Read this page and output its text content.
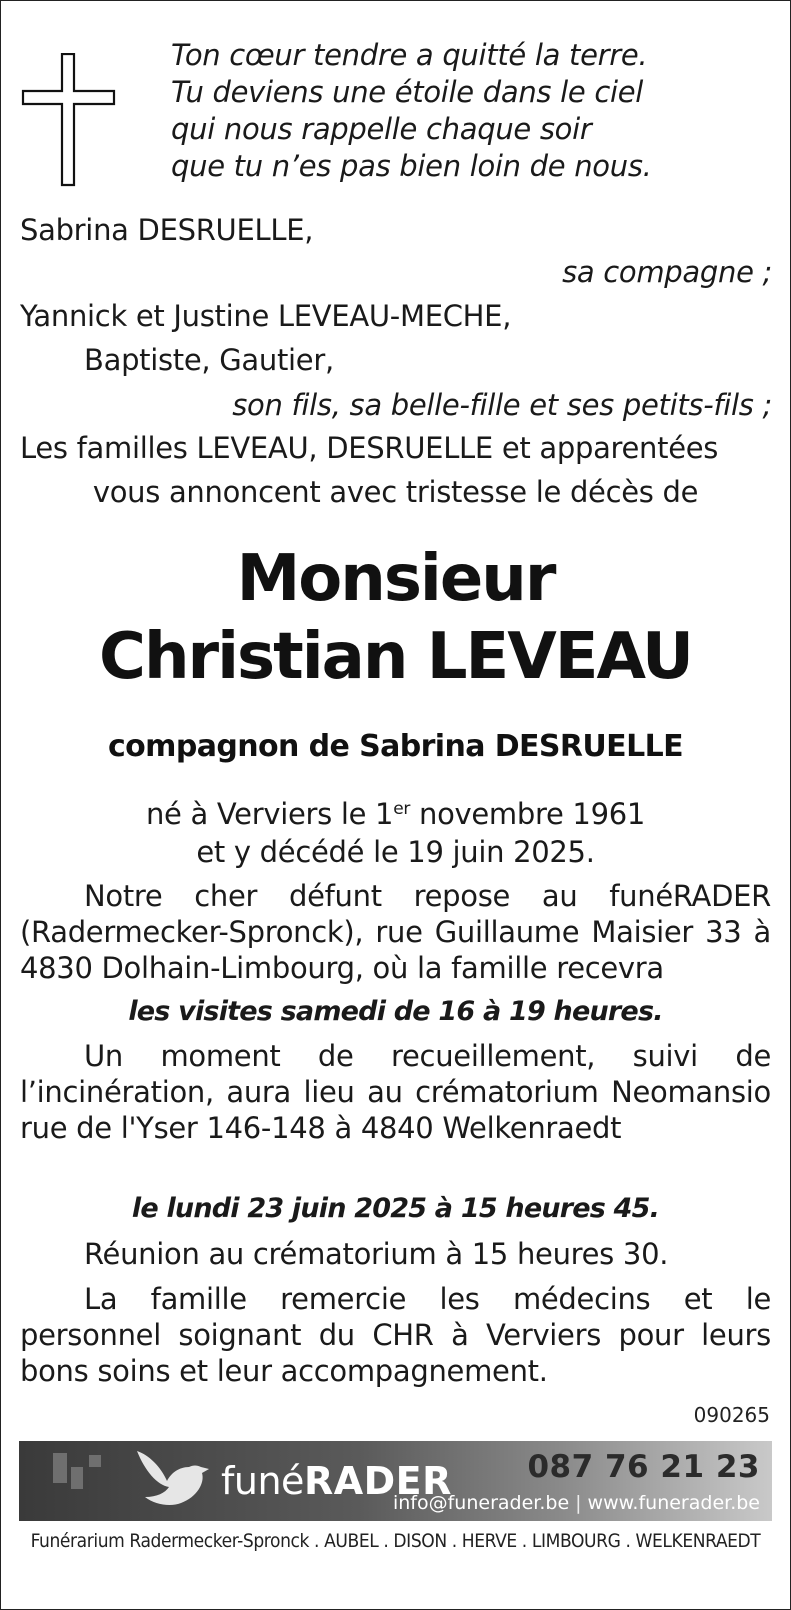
Ton cœur tendre a quitté la terre.
Tu deviens une étoile dans le ciel
qui nous rappelle chaque soir
que tu n’es pas bien loin de nous.
Sabrina DESRUELLE,
sa compagne ;
Yannick et Justine LEVEAU-MECHE,
Baptiste, Gautier,
son fils, sa belle-fille et ses petits-fils ;
Les familles LEVEAU, DESRUELLE et apparentées
vous annoncent avec tristesse le décès de
Monsieur
Christian LEVEAU
compagnon de Sabrina DESRUELLE
né à Verviers le 1er novembre 1961
et y décédé le 19 juin 2025.
Notre cher défunt repose au funéRADER (Radermecker-Spronck), rue Guillaume Maisier 33 à 4830 Dolhain-Limbourg, où la famille recevra
les visites samedi de 16 à 19 heures.
Un moment de recueillement, suivi de l’incinération, aura lieu au crématorium Neomansio rue de l'Yser 146-148 à 4840 Welkenraedt
le lundi 23 juin 2025 à 15 heures 45.
Réunion au crématorium à 15 heures 30.
La famille remercie les médecins et le personnel soignant du CHR à Verviers pour leurs bons soins et leur accompagnement.
090265
funéRADER 087 76 21 23
info@funerader.be | www.funerader.be
Funérarium Radermecker-Spronck . AUBEL . DISON . HERVE . LIMBOURG . WELKENRAEDT
